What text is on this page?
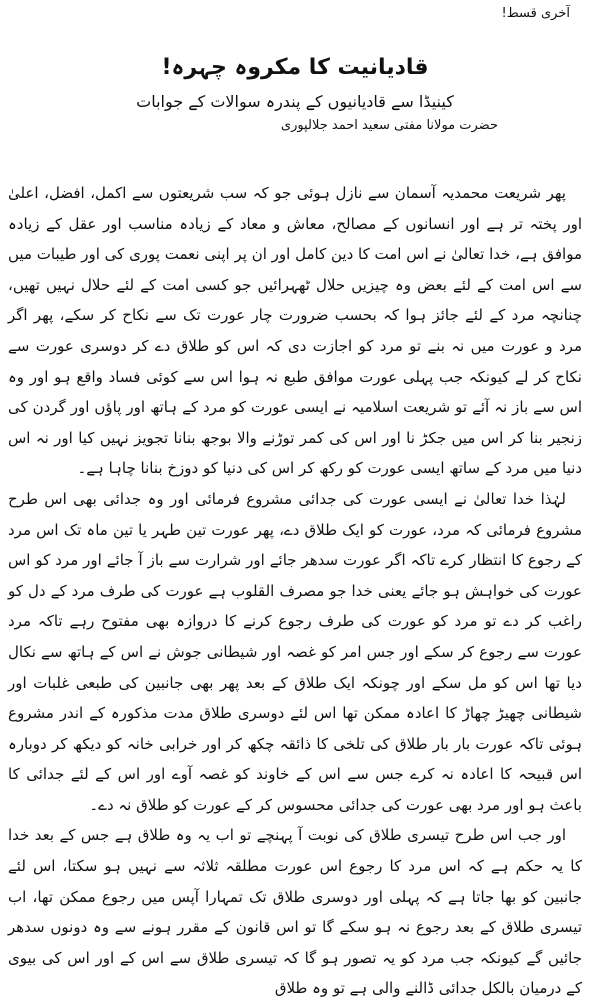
آخری قسط!
قادیانیت کا مکروہ چہرہ!
کینیڈا سے قادیانیوں کے پندرہ سوالات کے جوابات
حضرت مولانا مفتی سعید احمد جلالپوری

پھر شریعت محمدیہ آسمان سے نازل ہوئی جو کہ سب شریعتوں سے اکمل، افضل، اعلیٰ اور پختہ تر ہے اور انسانوں کے مصالح، معاش و معاد کے زیادہ مناسب اور عقل کے زیادہ موافق ہے، خدا تعالیٰ نے اس امت کا دین کامل اور ان پر اپنی نعمت پوری کی اور طیبات میں سے اس امت کے لئے بعض وہ چیزیں حلال ٹھہرائیں جو کسی امت کے لئے حلال نہیں تھیں، چنانچہ مرد کے لئے جائز ہوا کہ بحسب ضرورت چار عورت تک سے نکاح کر سکے، پھر اگر مرد و عورت میں نہ بنے تو مرد کو اجازت دی کہ اس کو طلاق دے کر دوسری عورت سے نکاح کر لے کیونکہ جب پہلی عورت موافق طبع نہ ہوا اس سے کوئی فساد واقع ہو اور وہ اس سے باز نہ آئے تو شریعت اسلامیہ نے ایسی عورت کو مرد کے ہاتھ اور پاؤں اور گردن کی زنجیر بنا کر اس میں جکڑ نا اور اس کی کمر توڑنے والا بوجھ بنانا تجویز نہیں کیا اور نہ اس دنیا میں مرد کے ساتھ ایسی عورت کو رکھ کر اس کی دنیا کو دوزخ بنانا چاہا ہے۔

لہٰذا خدا تعالیٰ نے ایسی عورت کی جدائی مشروع فرمائی اور وہ جدائی بھی اس طرح مشروع فرمائی کہ مرد، عورت کو ایک طلاق دے، پھر عورت تین طہر یا تین ماہ تک اس مرد کے رجوع کا انتظار کرے تاکہ اگر عورت سدھر جائے اور شرارت سے باز آ جائے اور مرد کو اس عورت کی خواہش ہو جائے یعنی خدا جو مصرف القلوب ہے عورت کی طرف مرد کے دل کو راغب کر دے تو مرد کو عورت کی طرف رجوع کرنے کا دروازہ بھی مفتوح رہے تاکہ مرد عورت سے رجوع کر سکے اور جس امر کو غصہ اور شیطانی جوش نے اس کے ہاتھ سے نکال دیا تھا اس کو مل سکے اور چونکہ ایک طلاق کے بعد پھر بھی جانبین کی طبعی غلبات اور شیطانی چھیڑ چھاڑ کا اعادہ ممکن تھا اس لئے دوسری طلاق مدت مذکورہ کے اندر مشروع ہوئی تاکہ عورت بار بار طلاق کی تلخی کا ذائقہ چکھ کر اور خرابی خانہ کو دیکھ کر دوبارہ اس قبیحہ کا اعادہ نہ کرے جس سے اس کے خاوند کو غصہ آوے اور اس کے لئے جدائی کا باعث ہو اور مرد بھی عورت کی جدائی محسوس کر کے عورت کو طلاق نہ دے۔

اور جب اس طرح تیسری طلاق کی نوبت آ پہنچے تو اب یہ وہ طلاق ہے جس کے بعد خدا کا یہ حکم ہے کہ اس مرد کا رجوع اس عورت مطلقہ ثلاثہ سے نہیں ہو سکتا، اس لئے جانبین کو بھا جاتا ہے کہ پہلی اور دوسری طلاق تک تمہارا آپس میں رجوع ممکن تھا، اب تیسری طلاق کے بعد رجوع نہ ہو سکے گا تو اس قانون کے مقرر ہونے سے وہ دونوں سدھر جائیں گے کیونکہ جب مرد کو یہ تصور ہو گا کہ تیسری طلاق سے اس کے اور اس کی بیوی کے درمیان بالکل جدائی ڈالنے والی ہے تو وہ طلاق
